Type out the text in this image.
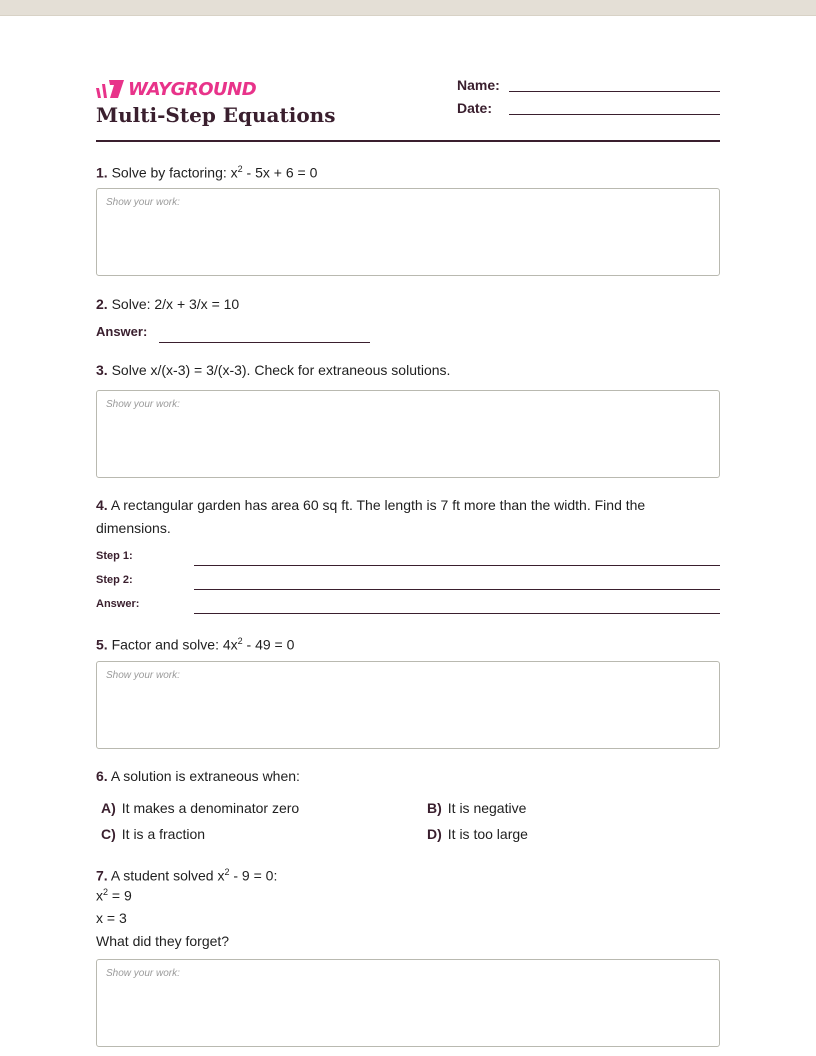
WAYGROUND
Multi-Step Equations
Name:
Date:
1. Solve by factoring: $x^2 - 5x + 6 = 0$
Show your work:
2. Solve: 2/x + 3/x = 10
Answer:
3. Solve x/(x-3) = 3/(x-3). Check for extraneous solutions.
Show your work:
4. A rectangular garden has area 60 sq ft. The length is 7 ft more than the width. Find the dimensions.
Step 1:
Step 2:
Answer:
5. Factor and solve: $4x^2 - 49 = 0$
Show your work:
6. A solution is extraneous when:
A) It makes a denominator zero	B) It is negative
C) It is a fraction	D) It is too large
7. A student solved $x^2 - 9 = 0$:
$x^2 = 9$
x = 3
What did they forget?
Show your work:
